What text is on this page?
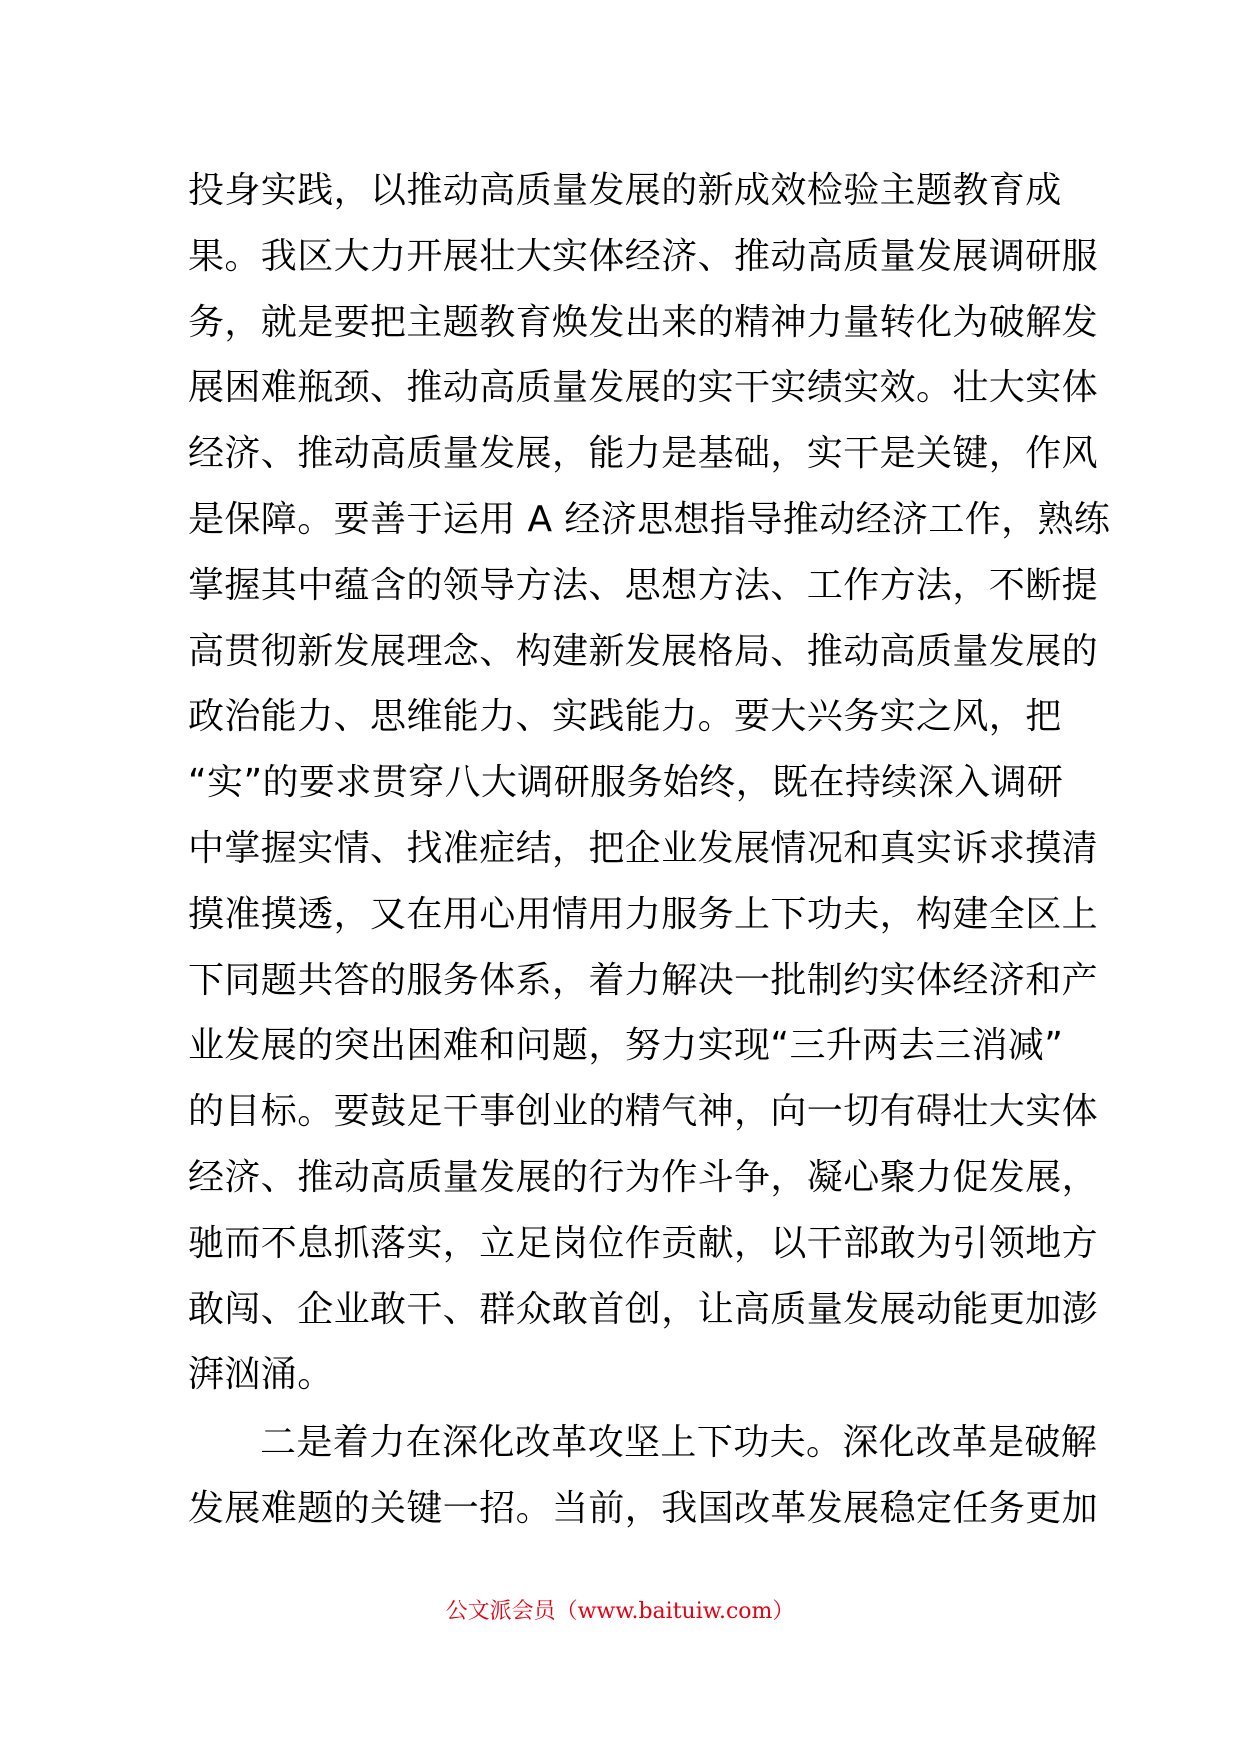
投身实践，以推动高质量发展的新成效检验主题教育成
果。我区大力开展壮大实体经济、推动高质量发展调研服
务，就是要把主题教育焕发出来的精神力量转化为破解发
展困难瓶颈、推动高质量发展的实干实绩实效。壮大实体
经济、推动高质量发展，能力是基础，实干是关键，作风
是保障。要善于运用 A 经济思想指导推动经济工作，熟练
掌握其中蕴含的领导方法、思想方法、工作方法，不断提
高贯彻新发展理念、构建新发展格局、推动高质量发展的
政治能力、思维能力、实践能力。要大兴务实之风，把
“实”的要求贯穿八大调研服务始终，既在持续深入调研
中掌握实情、找准症结，把企业发展情况和真实诉求摸清
摸准摸透，又在用心用情用力服务上下功夫，构建全区上
下同题共答的服务体系，着力解决一批制约实体经济和产
业发展的突出困难和问题，努力实现“三升两去三消减”
的目标。要鼓足干事创业的精气神，向一切有碍壮大实体
经济、推动高质量发展的行为作斗争，凝心聚力促发展，
驰而不息抓落实，立足岗位作贡献，以干部敢为引领地方
敢闯、企业敢干、群众敢首创，让高质量发展动能更加澎
湃汹涌。

二是着力在深化改革攻坚上下功夫。深化改革是破解
发展难题的关键一招。当前，我国改革发展稳定任务更加

公文派会员（www.baituiw.com）
